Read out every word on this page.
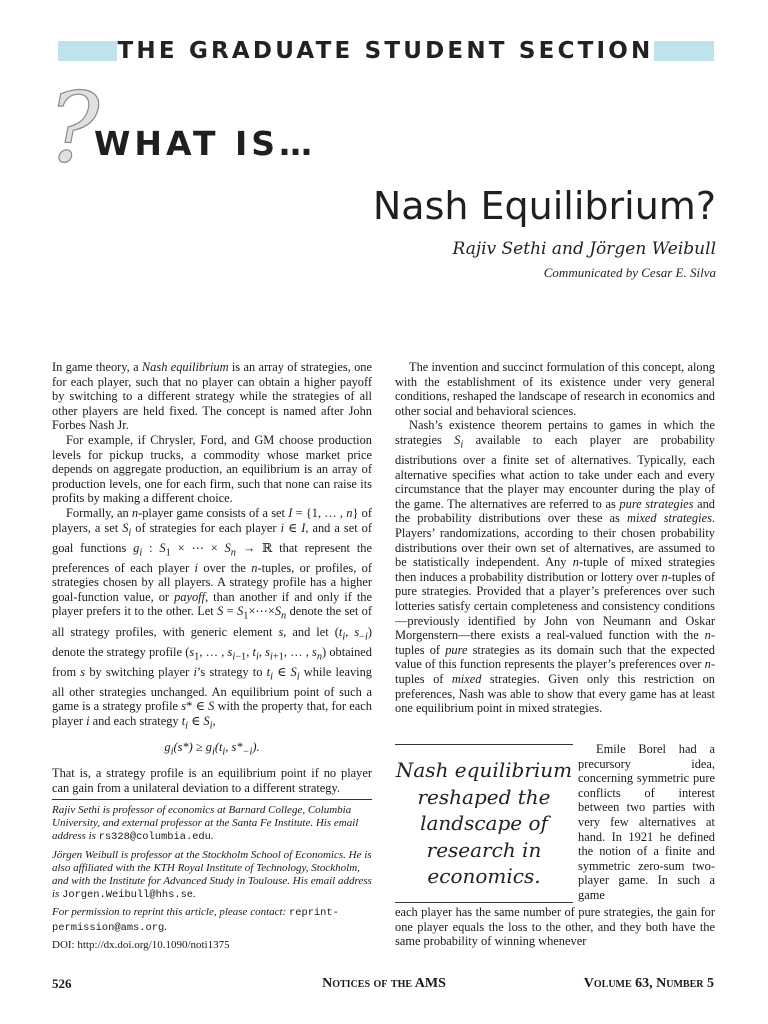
THE GRADUATE STUDENT SECTION
?
WHAT IS…
Nash Equilibrium?
Rajiv Sethi and Jörgen Weibull
Communicated by Cesar E. Silva

In game theory, a Nash equilibrium is an array of strategies, one for each player, such that no player can obtain a higher payoff by switching to a different strategy while the strategies of all other players are held fixed. The concept is named after John Forbes Nash Jr.

For example, if Chrysler, Ford, and GM choose production levels for pickup trucks, a commodity whose market price depends on aggregate production, an equilibrium is an array of production levels, one for each firm, such that none can raise its profits by making a different choice.

Formally, an n-player game consists of a set I = {1, … , n} of players, a set $S_i$ of strategies for each player i ∈ I, and a set of goal functions $g_i$ : $S_1$ × ⋯ × $S_n$ → ℝ that represent the preferences of each player i over the n-tuples, or profiles, of strategies chosen by all players. A strategy profile has a higher goal-function value, or payoff, than another if and only if the player prefers it to the other. Let $S = S_1\times\cdots\times S_n$ denote the set of all strategy profiles, with generic element s, and let ($t_i$, $s_{-i}$) denote the strategy profile ($s_1$, … , $s_{i-1}$, $t_i$, $s_{i+1}$, … , $s_n$) obtained from s by switching player i’s strategy to $t_i$ ∈ $S_i$ while leaving all other strategies unchanged. An equilibrium point of such a game is a strategy profile s* ∈ S with the property that, for each player i and each strategy $t_i$ ∈ $S_i$,

$g_i(s*) \ge g_i(t_i$, $s*_{-i}$).

That is, a strategy profile is an equilibrium point if no player can gain from a unilateral deviation to a different strategy.

Rajiv Sethi is professor of economics at Barnard College, Columbia University, and external professor at the Santa Fe Institute. His email address is rs328@columbia.edu.

Jörgen Weibull is professor at the Stockholm School of Economics. He is also affiliated with the KTH Royal Institute of Technology, Stockholm, and with the Institute for Advanced Study in Toulouse. His email address is Jorgen.Weibull@hhs.se.

For permission to reprint this article, please contact: reprint-permission@ams.org.

DOI: http://dx.doi.org/10.1090/noti1375

The invention and succinct formulation of this concept, along with the establishment of its existence under very general conditions, reshaped the landscape of research in economics and other social and behavioral sciences.

Nash’s existence theorem pertains to games in which the strategies $S_i$ available to each player are probability distributions over a finite set of alternatives. Typically, each alternative specifies what action to take under each and every circumstance that the player may encounter during the play of the game. The alternatives are referred to as pure strategies and the probability distributions over these as mixed strategies. Players’ randomizations, according to their chosen probability distributions over their own set of alternatives, are assumed to be statistically independent. Any n-tuple of mixed strategies then induces a probability distribution or lottery over n-tuples of pure strategies. Provided that a player’s preferences over such lotteries satisfy certain completeness and consistency conditions—previously identified by John von Neumann and Oskar Morgenstern—there exists a real-valued function with the n-tuples of pure strategies as its domain such that the expected value of this function represents the player’s preferences over n-tuples of mixed strategies. Given only this restriction on preferences, Nash was able to show that every game has at least one equilibrium point in mixed strategies.

Nash equilibrium reshaped the landscape of research in economics.

Emile Borel had a precursory idea, concerning symmetric pure conflicts of interest between two parties with very few alternatives at hand. In 1921 he defined the notion of a finite and symmetric zero-sum two-player game. In such a game

each player has the same number of pure strategies, the gain for one player equals the loss to the other, and they both have the same probability of winning whenever

526	Notices of the AMS	Volume 63, Number 5
